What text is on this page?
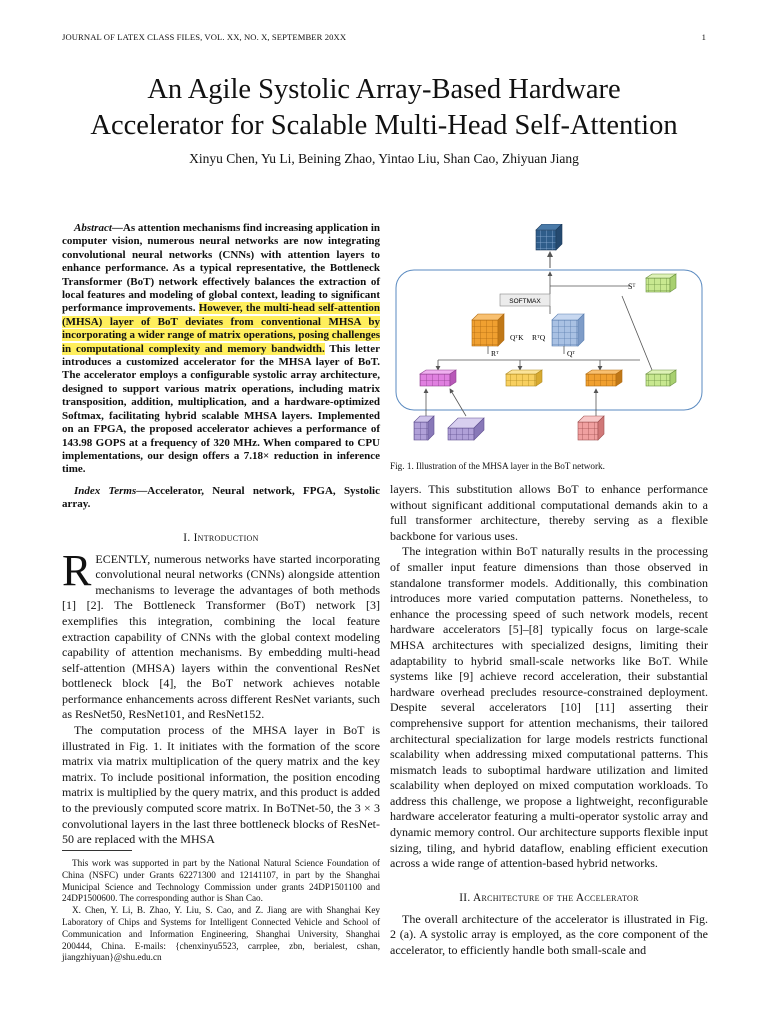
JOURNAL OF LATEX CLASS FILES, VOL. XX, NO. X, SEPTEMBER 20XX	1
An Agile Systolic Array-Based Hardware
Accelerator for Scalable Multi-Head Self-Attention
Xinyu Chen, Yu Li, Beining Zhao, Yintao Liu, Shan Cao, Zhiyuan Jiang

Abstract—As attention mechanisms find increasing application in computer vision, numerous neural networks are now integrating convolutional neural networks (CNNs) with attention layers to enhance performance. As a typical representative, the Bottleneck Transformer (BoT) network effectively balances the extraction of local features and modeling of global context, leading to significant performance improvements. However, the multi-head self-attention (MHSA) layer of BoT deviates from conventional MHSA by incorporating a wider range of matrix operations, posing challenges in computational complexity and memory bandwidth. This letter introduces a customized accelerator for the MHSA layer of BoT. The accelerator employs a configurable systolic array architecture, designed to support various matrix operations, including matrix transposition, addition, multiplication, and a hardware-optimized Softmax, facilitating hybrid scalable MHSA layers. Implemented on an FPGA, the proposed accelerator achieves a performance of 143.98 GOPS at a frequency of 320 MHz. When compared to CPU implementations, our design offers a 7.18× reduction in inference time.

Index Terms—Accelerator, Neural network, FPGA, Systolic array.

I. Introduction

RECENTLY, numerous networks have started incorporating convolutional neural networks (CNNs) alongside attention mechanisms to leverage the advantages of both methods [1] [2]. The Bottleneck Transformer (BoT) network [3] exemplifies this integration, combining the local feature extraction capability of CNNs with the global context modeling capability of attention mechanisms. By embedding multi-head self-attention (MHSA) layers within the conventional ResNet bottleneck block [4], the BoT network achieves notable performance enhancements across different ResNet variants, such as ResNet50, ResNet101, and ResNet152.

The computation process of the MHSA layer in BoT is illustrated in Fig. 1. It initiates with the formation of the score matrix via matrix multiplication of the query matrix and the key matrix. To include positional information, the position encoding matrix is multiplied by the query matrix, and this product is added to the previously computed score matrix. In BoTNet-50, the 3 × 3 convolutional layers in the last three bottleneck blocks of ResNet-50 are replaced with the MHSA

This work was supported in part by the National Natural Science Foundation of China (NSFC) under Grants 62271300 and 12141107, in part by the Shanghai Municipal Science and Technology Commission under grants 24DP1501100 and 24DP1500600. The corresponding author is Shan Cao.

X. Chen, Y. Li, B. Zhao, Y. Liu, S. Cao, and Z. Jiang are with Shanghai Key Laboratory of Chips and Systems for Intelligent Connected Vehicle and School of Communication and Information Engineering, Shanghai University, Shanghai 200444, China. E-mails: {chenxinyu5523, carrplee, zbn, berialest, cshan, jiangzhiyuan}@shu.edu.cn

Sᵀ
SOFTMAX
QᵀK RᵀQ
Rᵀ	Qᵀ
Fig. 1. Illustration of the MHSA layer in the BoT network.

layers. This substitution allows BoT to enhance performance without significant additional computational demands akin to a full transformer architecture, thereby serving as a flexible backbone for various uses.

The integration within BoT naturally results in the processing of smaller input feature dimensions than those observed in standalone transformer models. Additionally, this combination introduces more varied computation patterns. Nonetheless, to enhance the processing speed of such network models, recent hardware accelerators [5]–[8] typically focus on large-scale MHSA architectures with specialized designs, limiting their adaptability to hybrid small-scale networks like BoT. While systems like [9] achieve record acceleration, their substantial hardware overhead precludes resource-constrained deployment. Despite several accelerators [10] [11] asserting their comprehensive support for attention mechanisms, their tailored architectural specialization for large models restricts functional scalability when addressing mixed computational patterns. This mismatch leads to suboptimal hardware utilization and limited scalability when deployed on mixed computation workloads. To address this challenge, we propose a lightweight, reconfigurable hardware accelerator featuring a multi-operator systolic array and dynamic memory control. Our architecture supports flexible input sizing, tiling, and hybrid dataflow, enabling efficient execution across a wide range of attention-based hybrid networks.

II. Architecture of the Accelerator

The overall architecture of the accelerator is illustrated in Fig. 2 (a). A systolic array is employed, as the core component of the accelerator, to efficiently handle both small-scale and
